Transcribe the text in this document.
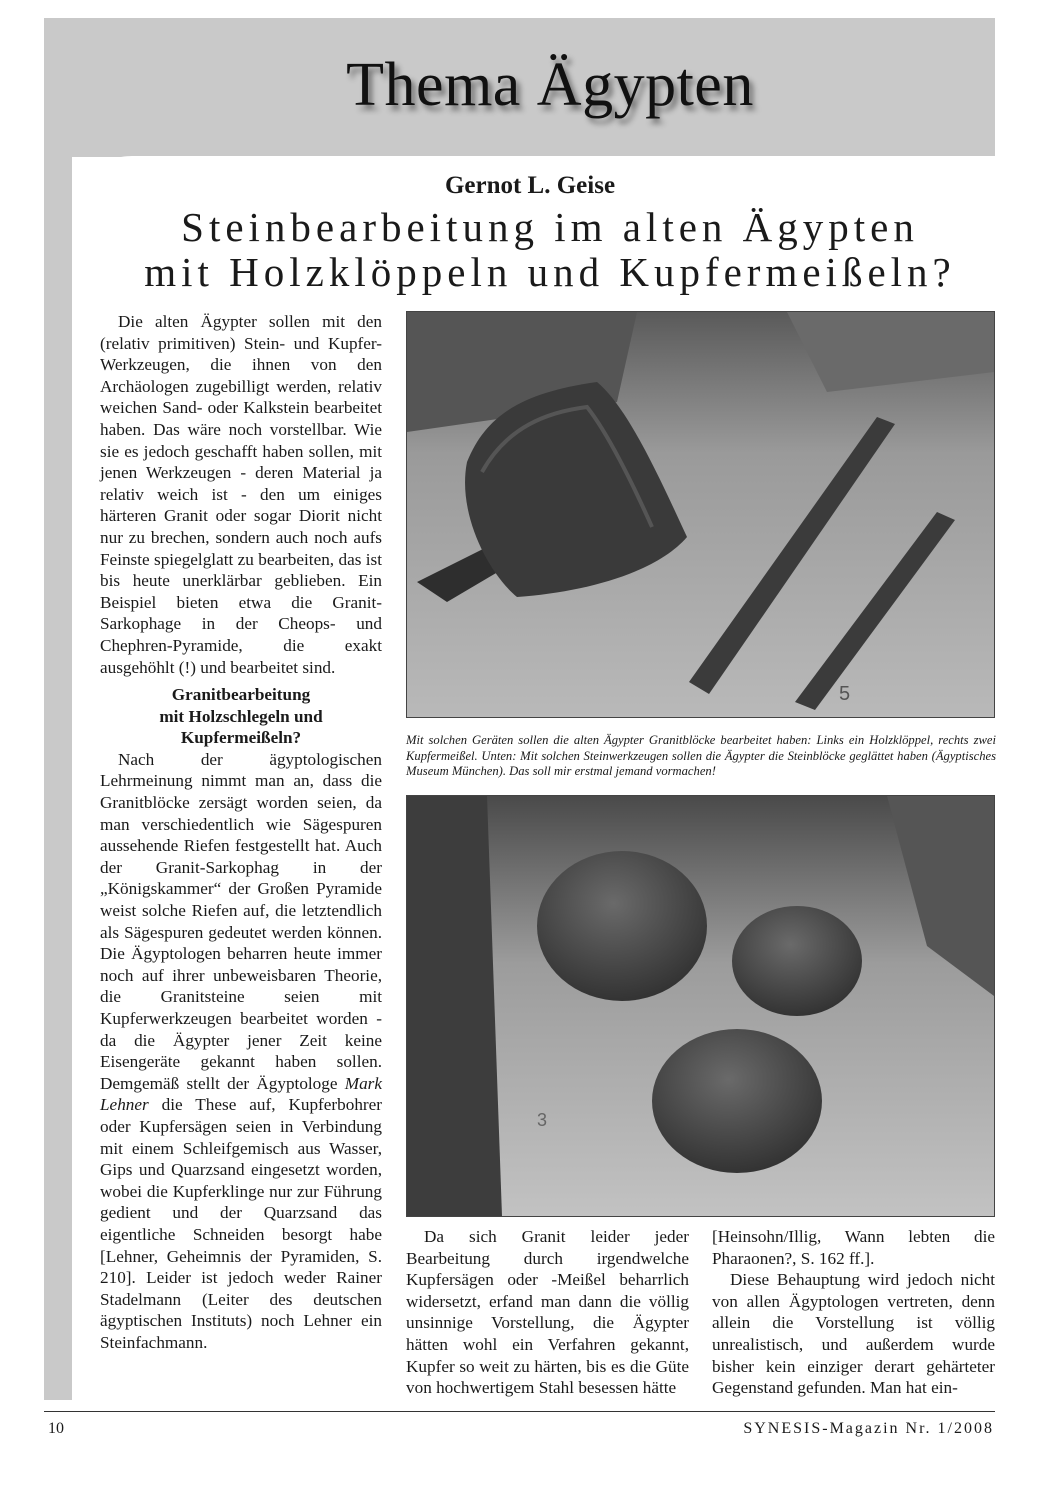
Thema Ägypten
Gernot L. Geise
Steinbearbeitung im alten Ägypten
mit Holzklöppeln und Kupfermeißeln?

Die alten Ägypter sollen mit den (relativ primitiven) Stein- und Kupfer-Werkzeugen, die ihnen von den Archäologen zugebilligt werden, relativ weichen Sand- oder Kalkstein bearbeitet haben. Das wäre noch vorstellbar. Wie sie es jedoch geschafft haben sollen, mit jenen Werkzeugen - deren Material ja relativ weich ist - den um einiges härteren Granit oder sogar Diorit nicht nur zu brechen, sondern auch noch aufs Feinste spiegelglatt zu bearbeiten, das ist bis heute unerklärbar geblieben. Ein Beispiel bieten etwa die Granit-Sarkophage in der Cheops- und Chephren-Pyramide, die exakt ausgehöhlt (!) und bearbeitet sind.

Granitbearbeitung
mit Holzschlegeln und
Kupfermeißeln?

Nach der ägyptologischen Lehrmeinung nimmt man an, dass die Granitblöcke zersägt worden seien, da man verschiedentlich wie Sägespuren aussehende Riefen festgestellt hat. Auch der Granit-Sarkophag in der „Königskammer“ der Großen Pyramide weist solche Riefen auf, die letztendlich als Sägespuren gedeutet werden können. Die Ägyptologen beharren heute immer noch auf ihrer unbeweisbaren Theorie, die Granitsteine seien mit Kupferwerkzeugen bearbeitet worden - da die Ägypter jener Zeit keine Eisengeräte gekannt haben sollen. Demgemäß stellt der Ägyptologe Mark Lehner die These auf, Kupferbohrer oder Kupfersägen seien in Verbindung mit einem Schleifgemisch aus Wasser, Gips und Quarzsand eingesetzt worden, wobei die Kupferklinge nur zur Führung gedient und der Quarzsand das eigentliche Schneiden besorgt habe [Lehner, Geheimnis der Pyramiden, S. 210]. Leider ist jedoch weder Rainer Stadelmann (Leiter des deutschen ägyptischen Instituts) noch Lehner ein Steinfachmann.

5
Mit solchen Geräten sollen die alten Ägypter Granitblöcke bearbeitet haben: Links ein Holzklöppel, rechts zwei Kupfermeißel. Unten: Mit solchen Steinwerkzeugen sollen die Ägypter die Steinblöcke geglättet haben (Ägyptisches Museum München). Das soll mir erstmal jemand vormachen!
3

Da sich Granit leider jeder Bearbeitung durch irgendwelche Kupfersägen oder -Meißel beharrlich widersetzt, erfand man dann die völlig unsinnige Vorstellung, die Ägypter hätten wohl ein Verfahren gekannt, Kupfer so weit zu härten, bis es die Güte von hochwertigem Stahl besessen hätte

[Heinsohn/Illig, Wann lebten die Pharaonen?, S. 162 ff.].

Diese Behauptung wird jedoch nicht von allen Ägyptologen vertreten, denn allein die Vorstellung ist völlig unrealistisch, und außerdem wurde bisher kein einziger derart gehärteter Gegenstand gefunden. Man hat ein-

10	SYNESIS-Magazin Nr. 1/2008
